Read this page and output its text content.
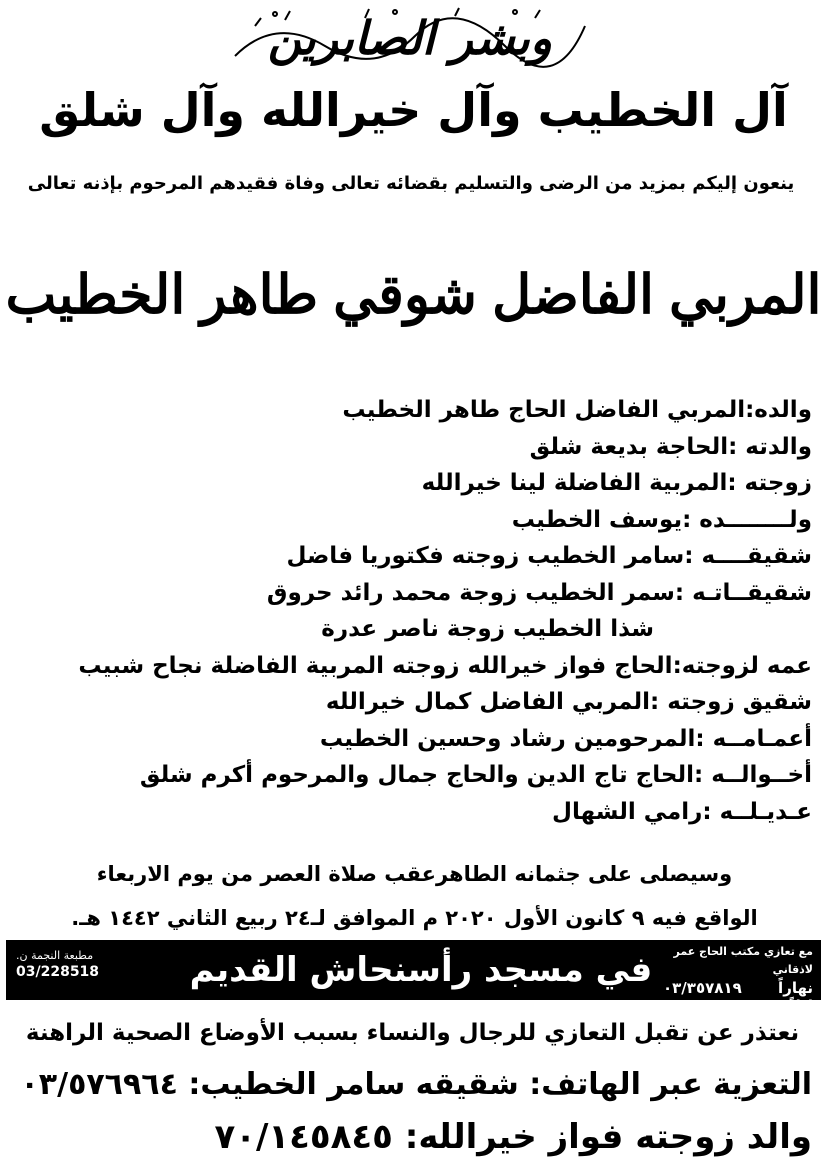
وبشر الصابرين
آل الخطيب وآل خيرالله وآل شلق
ينعون إليكم بمزيد من الرضى والتسليم بقضائه تعالى وفاة فقيدهم المرحوم بإذنه تعالى
المربي الفاضل شوقي طاهر الخطيب
والده:
المربي الفاضل الحاج طاهر الخطيب
والدته :
الحاجة بديعة شلق
زوجته :
المربية الفاضلة لينا خيرالله
ولــــــــده :
يوسف الخطيب
شقيقــــه :
سامر الخطيب زوجته فكتوريا فاضل
شقيقــاتـه :
سمر الخطيب زوجة محمد رائد حروق
شذا الخطيب زوجة ناصر عدرة
عمه لزوجته:
الحاج فواز خيرالله زوجته المربية الفاضلة نجاح شبيب
شقيق زوجته :
المربي الفاضل كمال خيرالله
أعمـامــه :
المرحومين رشاد وحسين الخطيب
أخــوالــه :
الحاج تاج الدين والحاج جمال والمرحوم أكرم شلق
عـديـلــه :
رامي الشهال
وسيصلى على جثمانه الطاهرعقب صلاة العصر من يوم الاربعاء
الواقع فيه ٩ كانون الأول ٢٠٢٠ م الموافق لـ٢٤ ربيع الثاني ١٤٤٢ هـ.
مع تعازي مكتب الحاج عمر لاذقاني
نهاراً
٠٣/٣٥٧٨١٩
ليلاً
٧١/٣٤٢٤٢٢
في مسجد رأسنحاش القديم
مطبعة النجمة ن.
03/228518
نعتذر عن تقبل التعازي للرجال والنساء بسبب الأوضاع الصحية الراهنة
التعزية عبر الهاتف: شقيقه سامر الخطيب: ٠٣/٥٧٦٩٦٤
والد زوجته فواز خيرالله: ٧٠/١٤٥٨٤٥
